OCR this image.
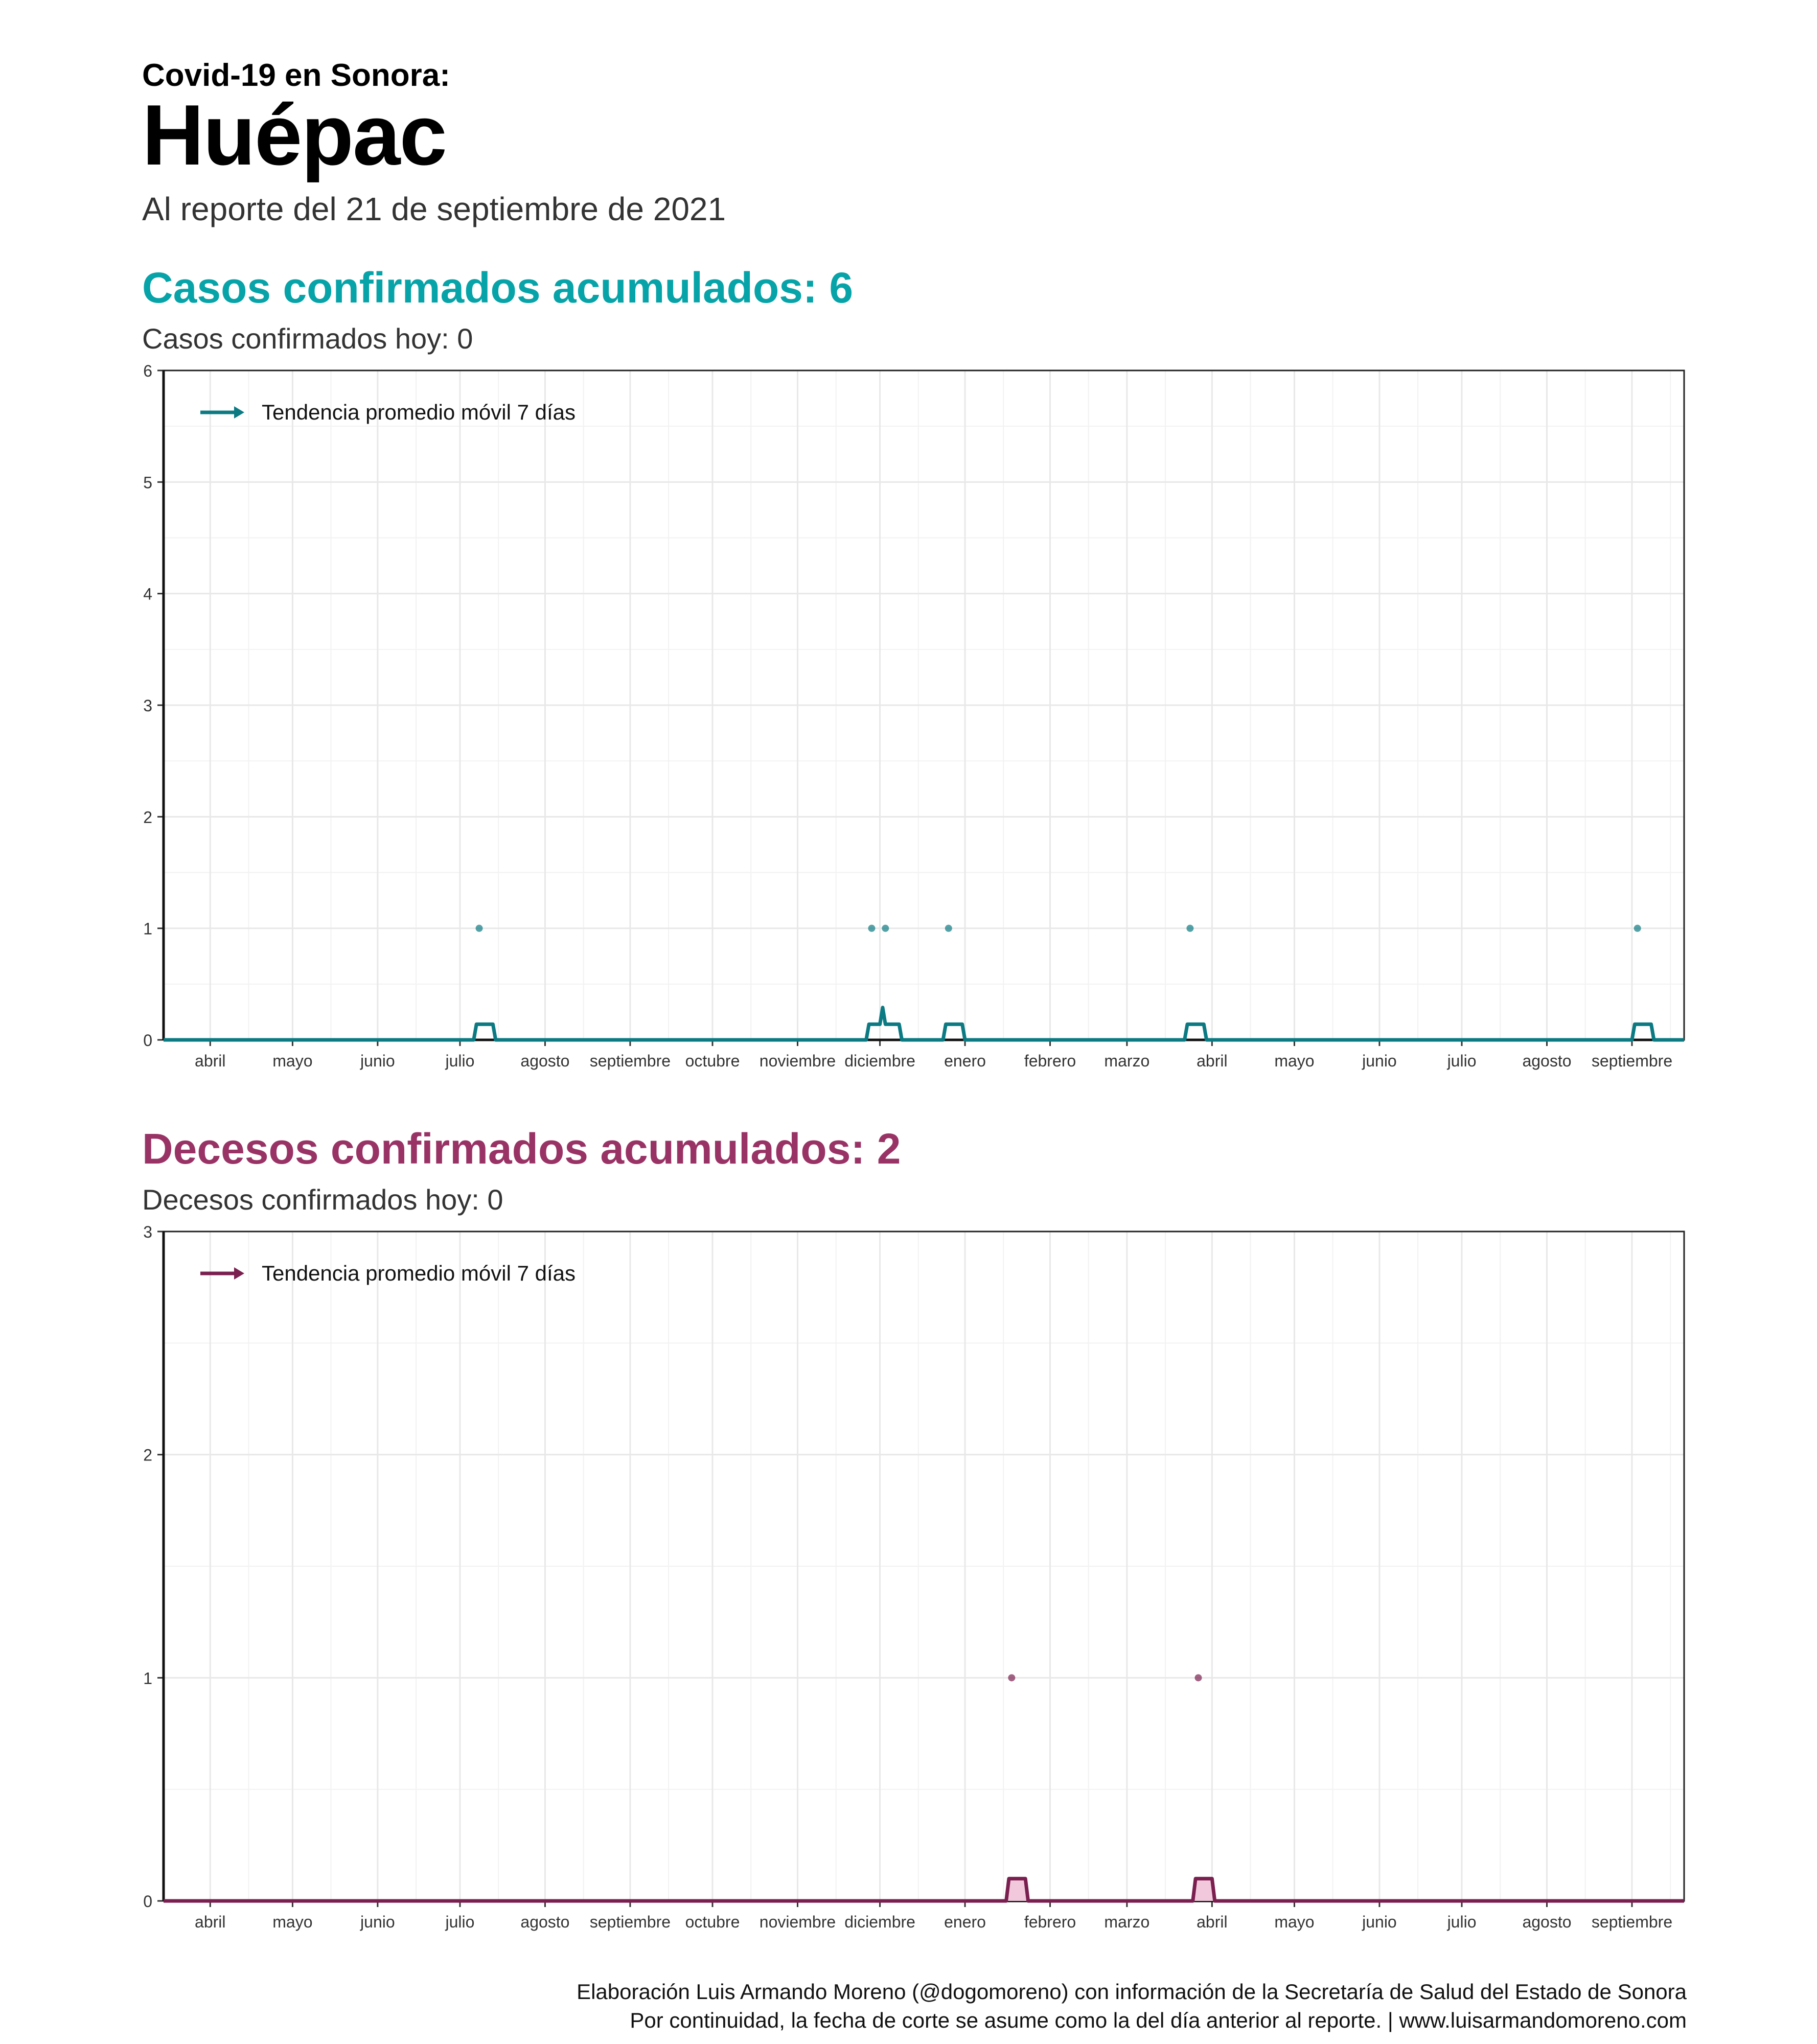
Covid-19 en Sonora:
Huépac
Al reporte del 21 de septiembre de 2021
Casos confirmados acumulados: 6
Casos confirmados hoy: 0
0
1
2
3
4
5
6
abril	mayo	junio	julio	agosto septiembre octubre noviembre diciembre enero febrero marzo	abril	mayo	junio	julio	agosto septiembre
Tendencia promedio móvil 7 días
Decesos confirmados acumulados: 2
Decesos confirmados hoy: 0
0
1
2
3
abril	mayo	junio	julio	agosto septiembre octubre noviembre diciembre enero febrero marzo	abril	mayo	junio	julio	agosto septiembre
Tendencia promedio móvil 7 días
Elaboración Luis Armando Moreno (@dogomoreno) con información de la Secretaría de Salud del Estado de Sonora
Por continuidad, la fecha de corte se asume como la del día anterior al reporte. | www.luisarmandomoreno.com
